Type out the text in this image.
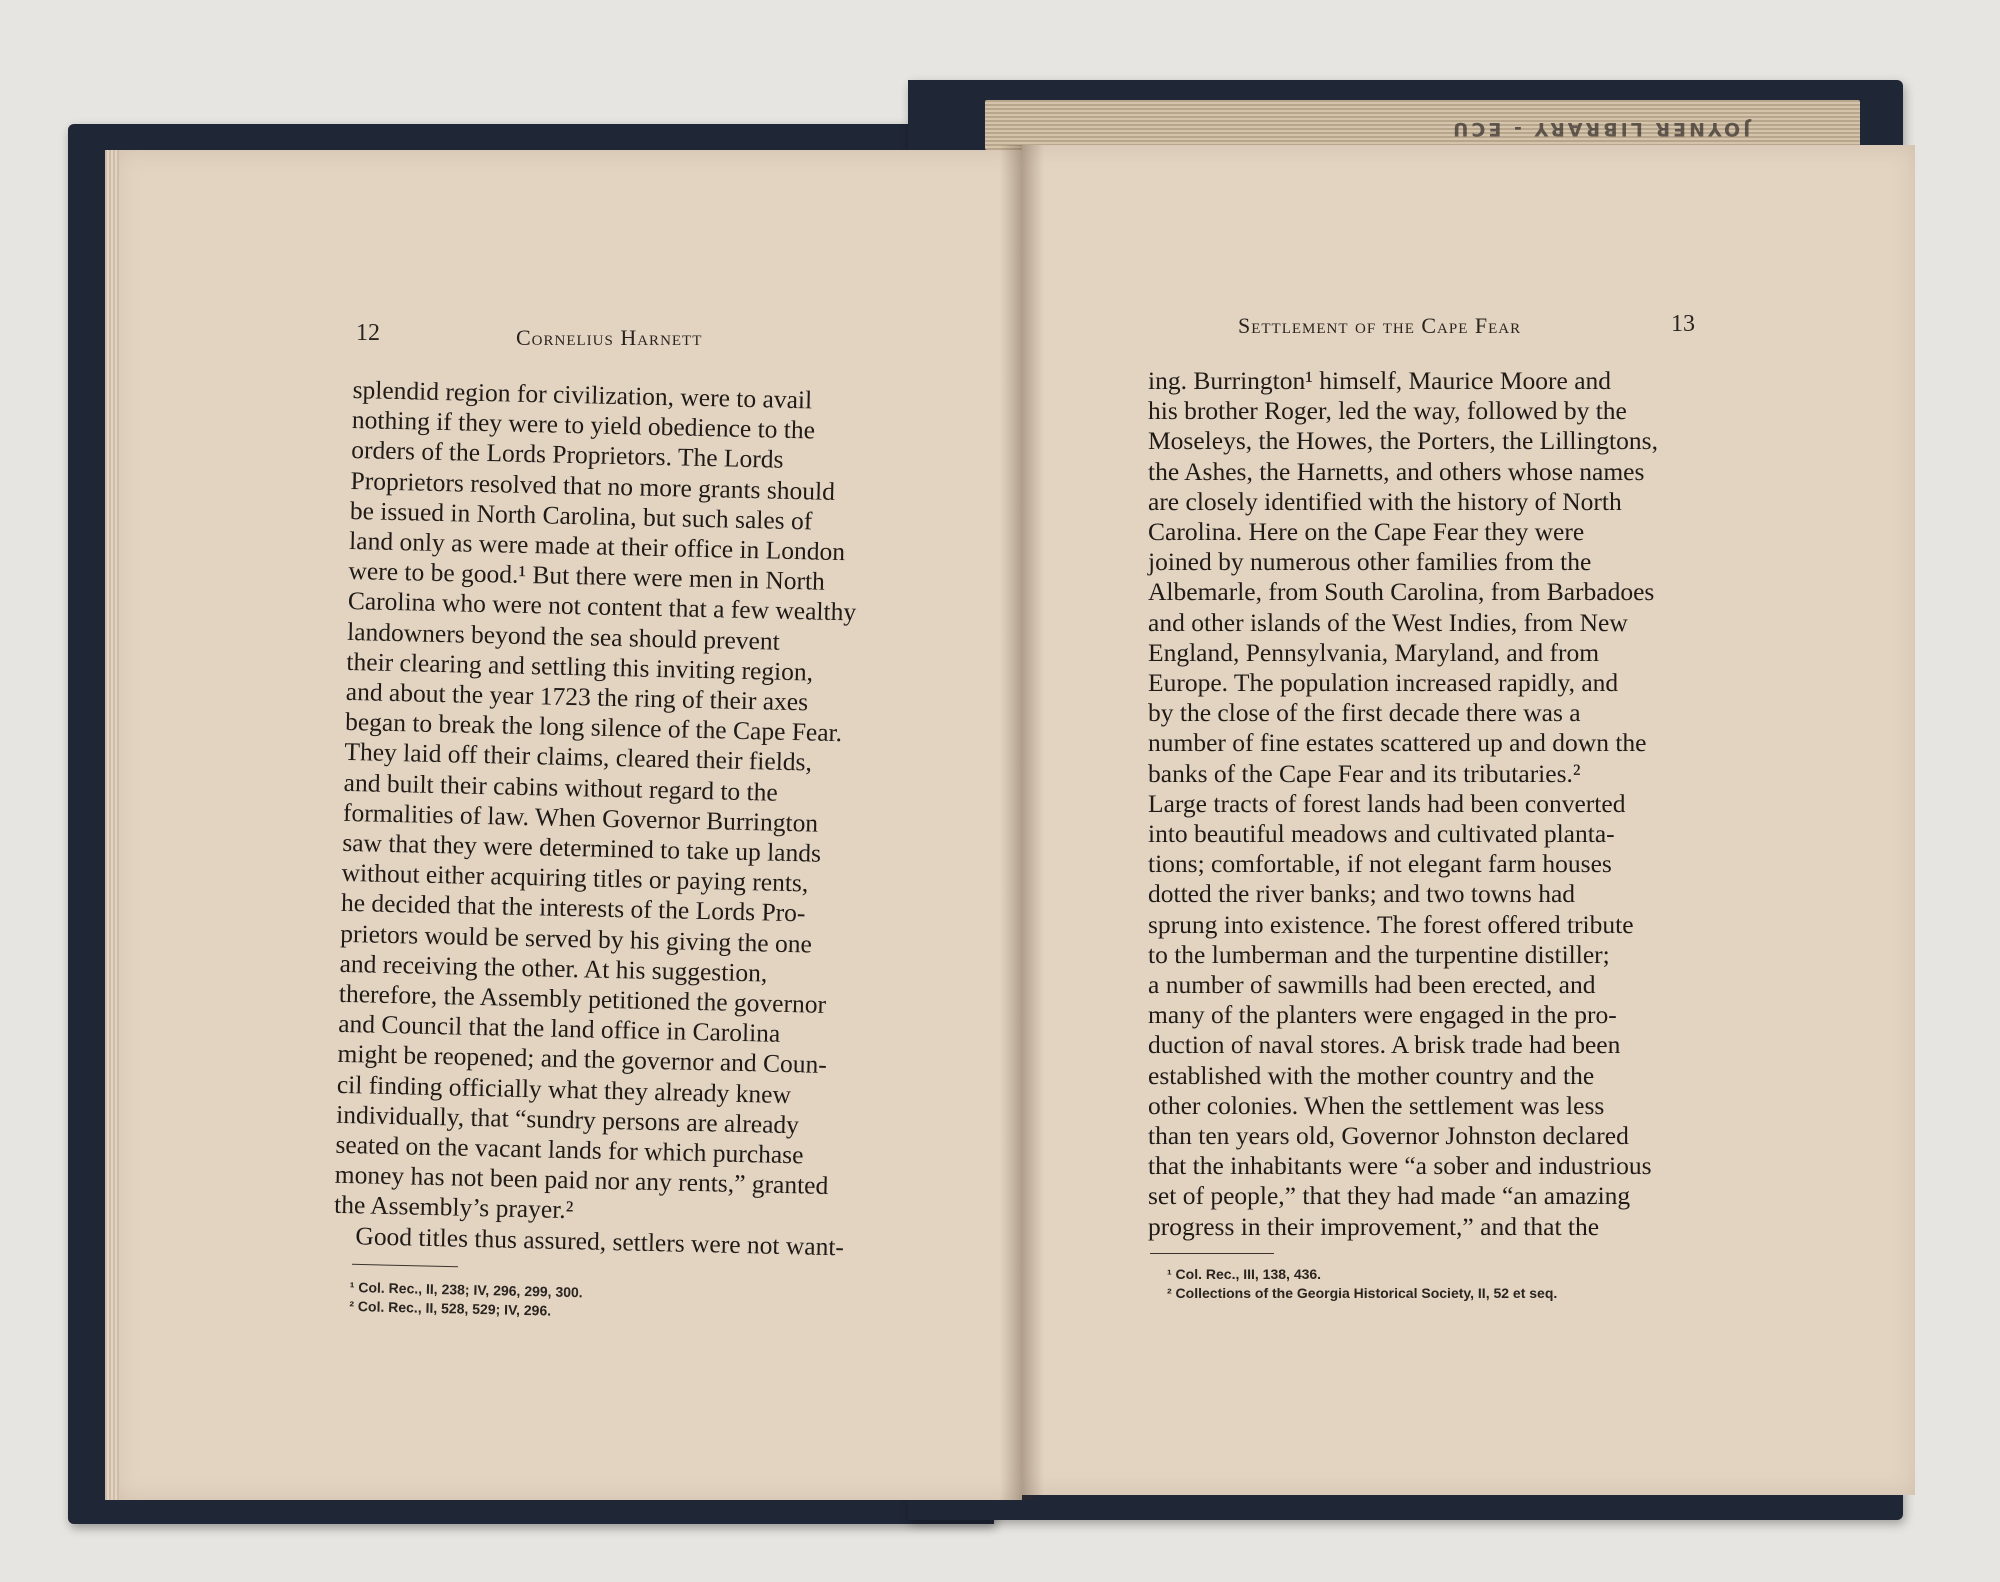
JOYNER LIBRARY - ECU
12	Cornelius Harnett	Settlement of the Cape Fear	13
splendid region for civilization, were to avail
nothing if they were to yield obedience to the
orders of the Lords Proprietors. The Lords
Proprietors resolved that no more grants should
be issued in North Carolina, but such sales of
land only as were made at their office in London
were to be good.¹ But there were men in North
Carolina who were not content that a few wealthy
landowners beyond the sea should prevent
their clearing and settling this inviting region,
and about the year 1723 the ring of their axes
began to break the long silence of the Cape Fear.
They laid off their claims, cleared their fields,
and built their cabins without regard to the
formalities of law. When Governor Burrington
saw that they were determined to take up lands
without either acquiring titles or paying rents,
he decided that the interests of the Lords Pro-
prietors would be served by his giving the one
and receiving the other. At his suggestion,
therefore, the Assembly petitioned the governor
and Council that the land office in Carolina
might be reopened; and the governor and Coun-
cil finding officially what they already knew
individually, that “sundry persons are already
seated on the vacant lands for which purchase
money has not been paid nor any rents,” granted
the Assembly’s prayer.²
Good titles thus assured, settlers were not want-
¹ Col. Rec., II, 238; IV, 296, 299, 300.
² Col. Rec., II, 528, 529; IV, 296.
ing. Burrington¹ himself, Maurice Moore and
his brother Roger, led the way, followed by the
Moseleys, the Howes, the Porters, the Lillingtons,
the Ashes, the Harnetts, and others whose names
are closely identified with the history of North
Carolina. Here on the Cape Fear they were
joined by numerous other families from the
Albemarle, from South Carolina, from Barbadoes
and other islands of the West Indies, from New
England, Pennsylvania, Maryland, and from
Europe. The population increased rapidly, and
by the close of the first decade there was a
number of fine estates scattered up and down the
banks of the Cape Fear and its tributaries.²
Large tracts of forest lands had been converted
into beautiful meadows and cultivated planta-
tions; comfortable, if not elegant farm houses
dotted the river banks; and two towns had
sprung into existence. The forest offered tribute
to the lumberman and the turpentine distiller;
a number of sawmills had been erected, and
many of the planters were engaged in the pro-
duction of naval stores. A brisk trade had been
established with the mother country and the
other colonies. When the settlement was less
than ten years old, Governor Johnston declared
that the inhabitants were “a sober and industrious
set of people,” that they had made “an amazing
progress in their improvement,” and that the
¹ Col. Rec., III, 138, 436.
² Collections of the Georgia Historical Society, II, 52 et seq.
